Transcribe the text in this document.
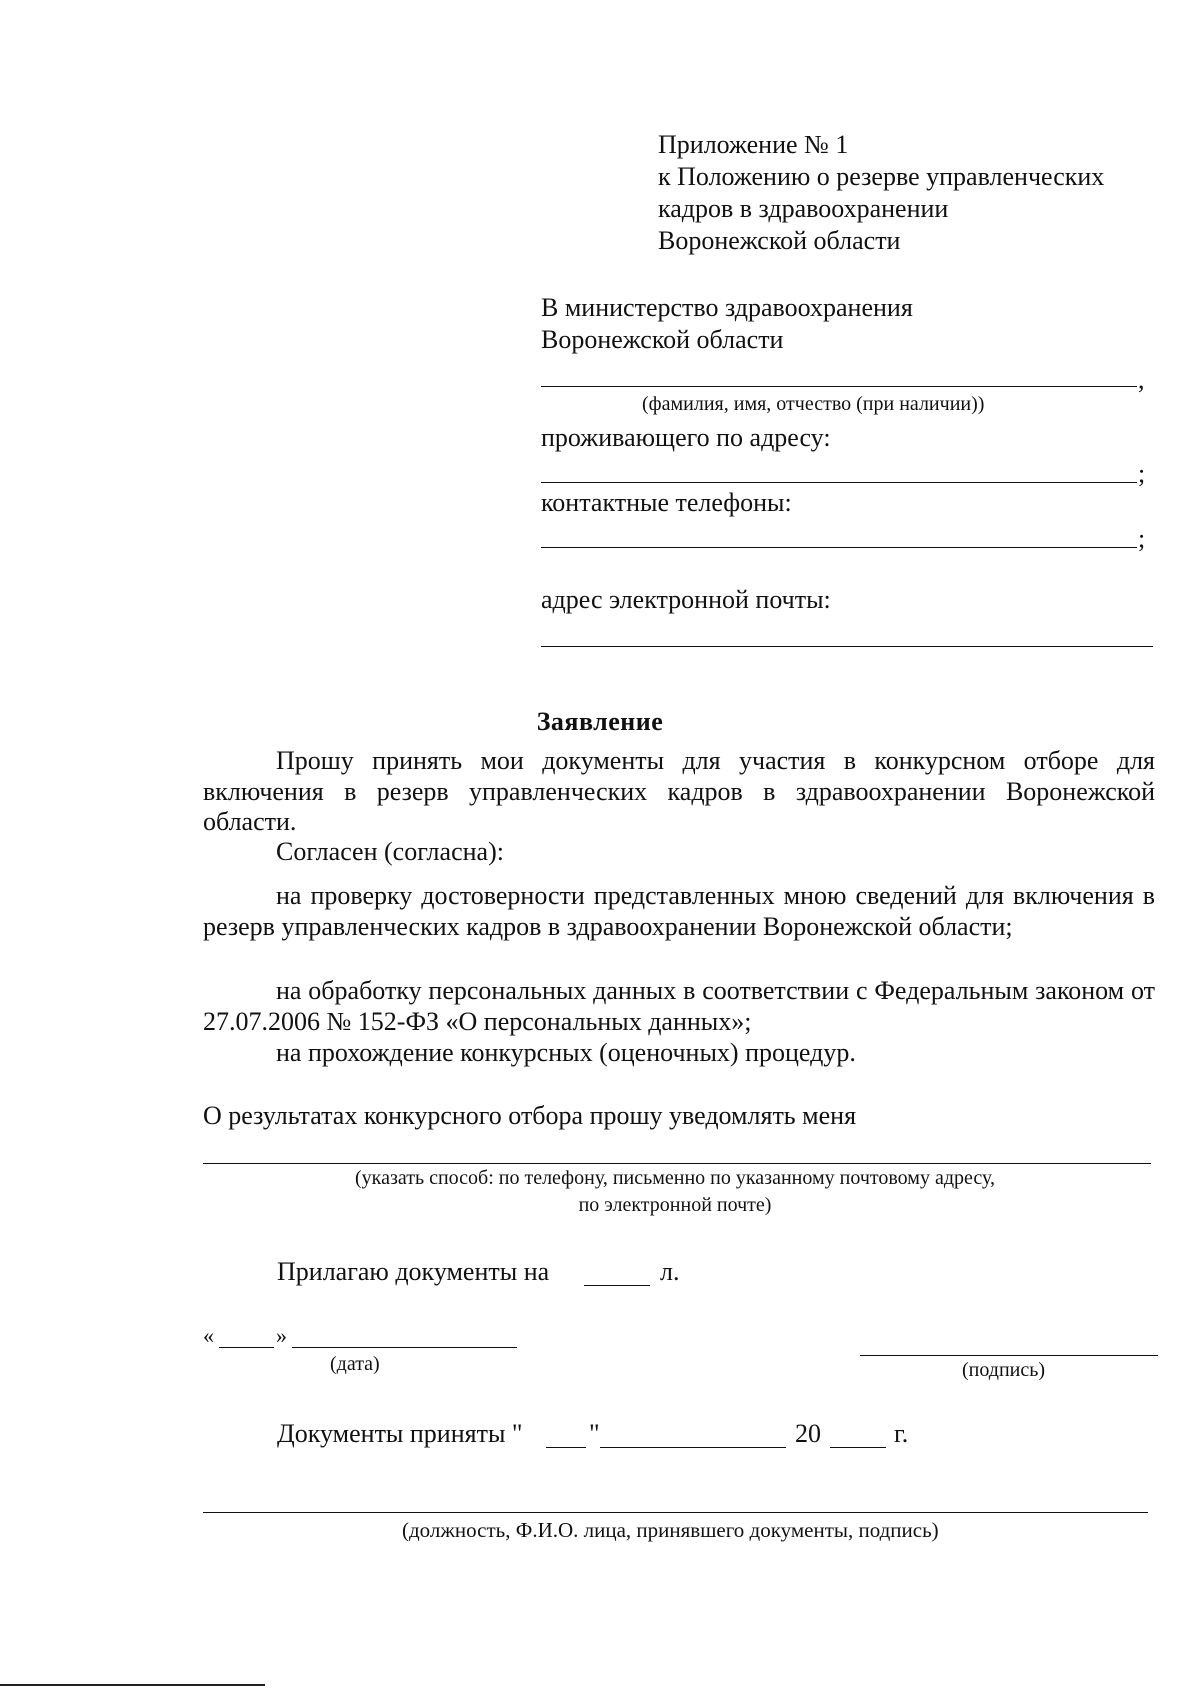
Приложение № 1
к Положению о резерве управленческих
кадров в здравоохранении
Воронежской области
В министерство здравоохранения
Воронежской области
,
(фамилия, имя, отчество (при наличии))
проживающего по адресу:
;
контактные телефоны:
;
адрес электронной почты:
Заявление
Прошу принять мои документы для участия в конкурсном отборе для включения в резерв управленческих кадров в здравоохранении Воронежской области.
Согласен (согласна):
на проверку достоверности представленных мною сведений для включения в резерв управленческих кадров в здравоохранении Воронежской области;
на обработку персональных данных в соответствии с Федеральным законом от 27.07.2006 № 152-ФЗ «О персональных данных»;
на прохождение конкурсных (оценочных) процедур.
О результатах конкурсного отбора прошу уведомлять меня
(указать способ: по телефону, письменно по указанному почтовому адресу,
по электронной почте)
Прилагаю документы на	л.
«	»
(дата)	(подпись)
Документы приняты "	"	20	г.
(должность, Ф.И.О. лица, принявшего документы, подпись)
